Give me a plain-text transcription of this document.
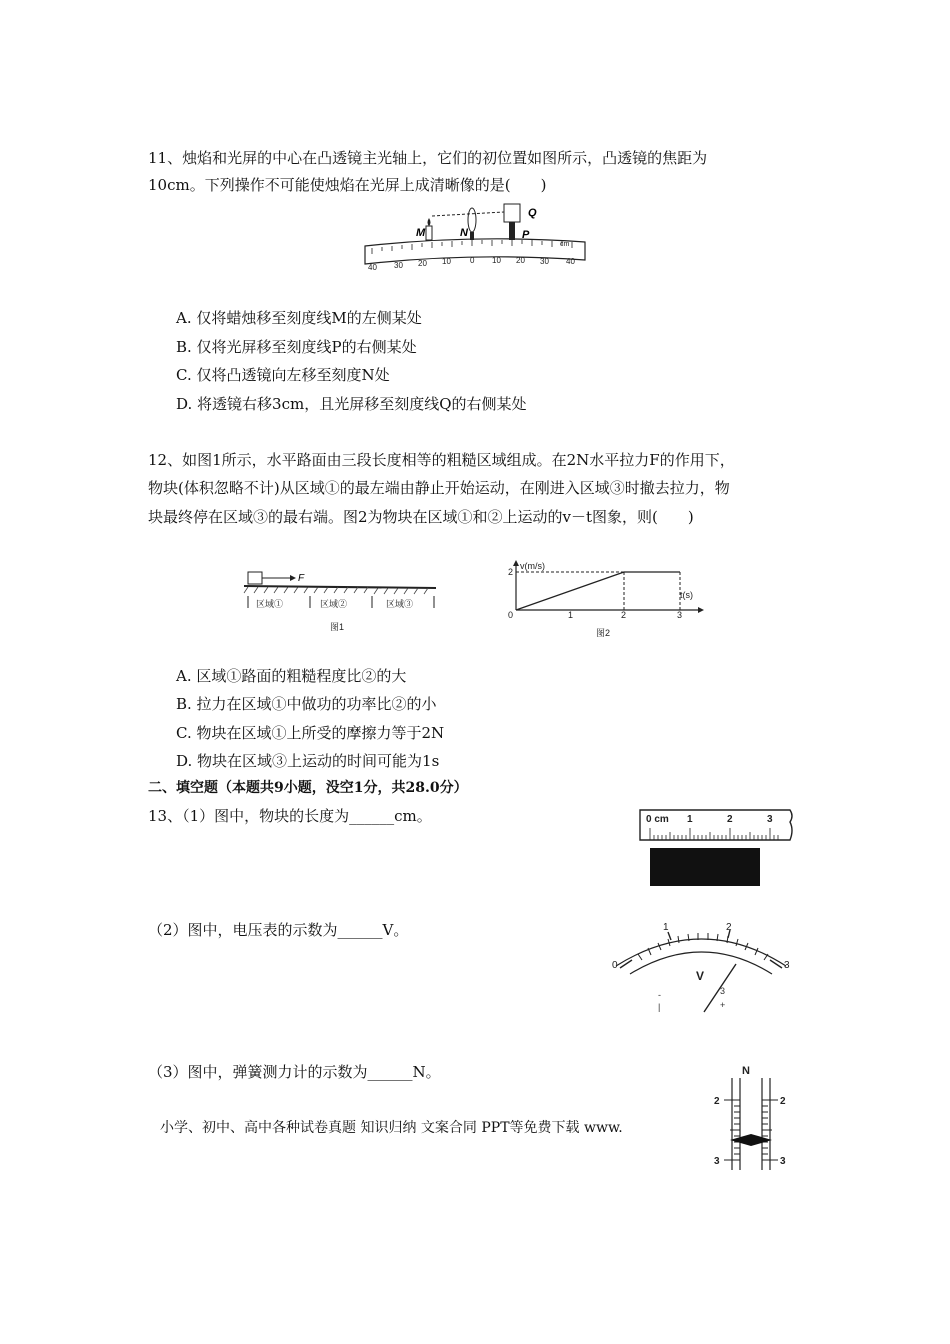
11、烛焰和光屏的中心在凸透镜主光轴上，它们的初位置如图所示，凸透镜的焦距为
10cm。下列操作不可能使烛焰在光屏上成清晰像的是(　　)
40 30 20 10 0 10 20 30 40
cm
M	N
Q
P
A. 仅将蜡烛移至刻度线M的左侧某处
B. 仅将光屏移至刻度线P的右侧某处
C. 仅将凸透镜向左移至刻度N处
D. 将透镜右移3cm，且光屏移至刻度线Q的右侧某处
12、如图1所示，水平路面由三段长度相等的粗糙区域组成。在2N水平拉力F的作用下，
物块(体积忽略不计)从区域①的最左端由静止开始运动，在刚进入区域③时撤去拉力，物
块最终停在区域③的最右端。图2为物块在区域①和②上运动的v－t图象，则(　　)
F
区域①	区域②	区域③
图1
v(m/s)
t(s)
2
0	1	2	3
图2
A. 区域①路面的粗糙程度比②的大
B. 拉力在区域①中做功的功率比②的小
C. 物块在区域①上所受的摩擦力等于2N
D. 物块在区域③上运动的时间可能为1s
二、填空题（本题共9小题，没空1分，共28.0分）
13、（1）图中，物块的长度为______cm。	0 cm 1	2	3
（2）图中，电压表的示数为______V。
0
1	2
3
V
-
|
3
+
（3）图中，弹簧测力计的示数为______N。	N
2	2
3	3
小学、初中、高中各种试卷真题 知识归纳 文案合同 PPT等免费下载 www.
